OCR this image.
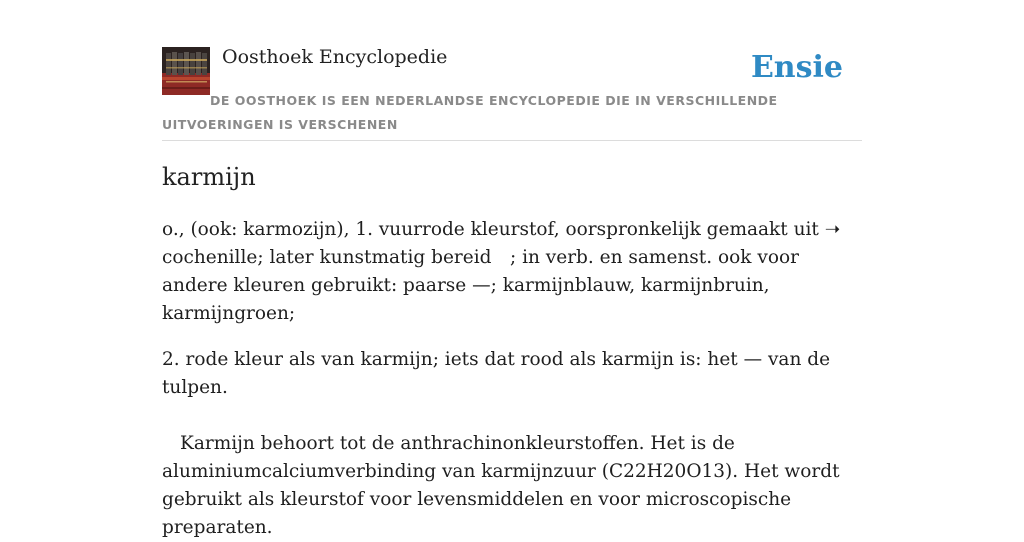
Oosthoek Encyclopedie	Ensie
DE OOSTHOEK IS EEN NEDERLANDSE ENCYCLOPEDIE DIE IN VERSCHILLENDE UITVOERINGEN IS VERSCHENEN
karmijn

o., (ook: karmozijn), 1. vuurrode kleurstof, oorspronkelijk gemaakt uit ➝cochenille; later kunstmatig bereid ; in verb. en samenst. ook voor andere kleuren gebruikt: paarse —; karmijnblauw, karmijnbruin, karmijngroen;

2. rode kleur als van karmijn; iets dat rood als karmijn is: het — van de tulpen.

Karmijn behoort tot de anthrachinonkleurstoffen. Het is de aluminiumcalciumverbinding van karmijnzuur (C22H20O13). Het wordt gebruikt als kleurstof voor levensmiddelen en voor microscopische preparaten.
